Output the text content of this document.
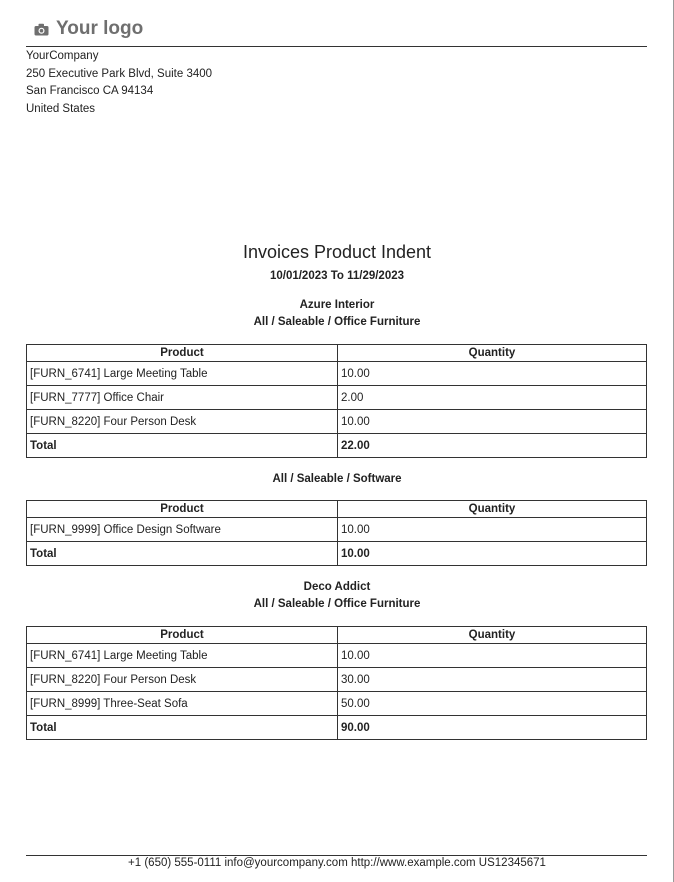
Your logo
YourCompany
250 Executive Park Blvd, Suite 3400
San Francisco CA 94134
United States
Invoices Product Indent
10/01/2023 To 11/29/2023
Azure Interior
All / Saleable / Office Furniture
Product	Quantity
[FURN_6741] Large Meeting Table	10.00
[FURN_7777] Office Chair	2.00
[FURN_8220] Four Person Desk	10.00
Total	22.00
All / Saleable / Software
Product	Quantity
[FURN_9999] Office Design Software	10.00
Total	10.00
Deco Addict
All / Saleable / Office Furniture
Product	Quantity
[FURN_6741] Large Meeting Table	10.00
[FURN_8220] Four Person Desk	30.00
[FURN_8999] Three-Seat Sofa	50.00
Total	90.00
+1 (650) 555-0111 info@yourcompany.com http://www.example.com US12345671
